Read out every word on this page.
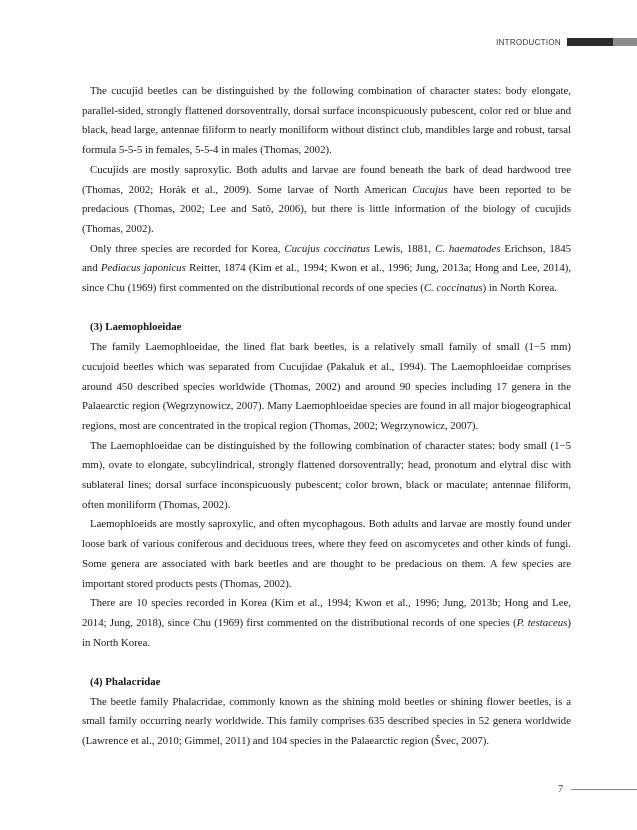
INTRODUCTION

The cucujid beetles can be distinguished by the following combination of character states: body elongate, parallel-sided, strongly flattened dorsoventrally, dorsal surface inconspicuously pubescent, color red or blue and black, head large, antennae filiform to nearly moniliform without distinct club, mandibles large and robust, tarsal formula 5-5-5 in females, 5-5-4 in males (Thomas, 2002).

Cucujids are mostly saproxylic. Both adults and larvae are found beneath the bark of dead hardwood tree (Thomas, 2002; Horák et al., 2009). Some larvae of North American Cucujus have been reported to be predacious (Thomas, 2002; Lee and Satô, 2006), but there is little information of the biology of cucujids (Thomas, 2002).

Only three species are recorded for Korea, Cucujus coccinatus Lewis, 1881, C. haematodes Erichson, 1845 and Pediacus japonicus Reitter, 1874 (Kim et al., 1994; Kwon et al., 1996; Jung, 2013a; Hong and Lee, 2014), since Chu (1969) first commented on the distributional records of one species (C. coccinatus) in North Korea.

(3) Laemophloeidae

The family Laemophloeidae, the lined flat bark beetles, is a relatively small family of small (1−5 mm) cucujoid beetles which was separated from Cucujidae (Pakaluk et al., 1994). The Laemophloeidae comprises around 450 described species worldwide (Thomas, 2002) and around 90 species including 17 genera in the Palaearctic region (Wegrzynowicz, 2007). Many Laemophloeidae species are found in all major biogeographical regions, most are concentrated in the tropical region (Thomas, 2002; Wegrzynowicz, 2007).

The Laemophloeidae can be distinguished by the following combination of character states: body small (1−5 mm), ovate to elongate, subcylindrical, strongly flattened dorsoventrally; head, pronotum and elytral disc with sublateral lines; dorsal surface inconspicuously pubescent; color brown, black or maculate; antennae filiform, often moniliform (Thomas, 2002).

Laemophloeids are mostly saproxylic, and often mycophagous. Both adults and larvae are mostly found under loose bark of various coniferous and deciduous trees, where they feed on ascomycetes and other kinds of fungi. Some genera are associated with bark beetles and are thought to be predacious on them. A few species are important stored products pests (Thomas, 2002).

There are 10 species recorded in Korea (Kim et al., 1994; Kwon et al., 1996; Jung, 2013b; Hong and Lee, 2014; Jung, 2018), since Chu (1969) first commented on the distributional records of one species (P. testaceus) in North Korea.

(4) Phalacridae

The beetle family Phalacridae, commonly known as the shining mold beetles or shining flower beetles, is a small family occurring nearly worldwide. This family comprises 635 described species in 52 genera worldwide (Lawrence et al., 2010; Gimmel, 2011) and 104 species in the Palaearctic region (Švec, 2007).

7
